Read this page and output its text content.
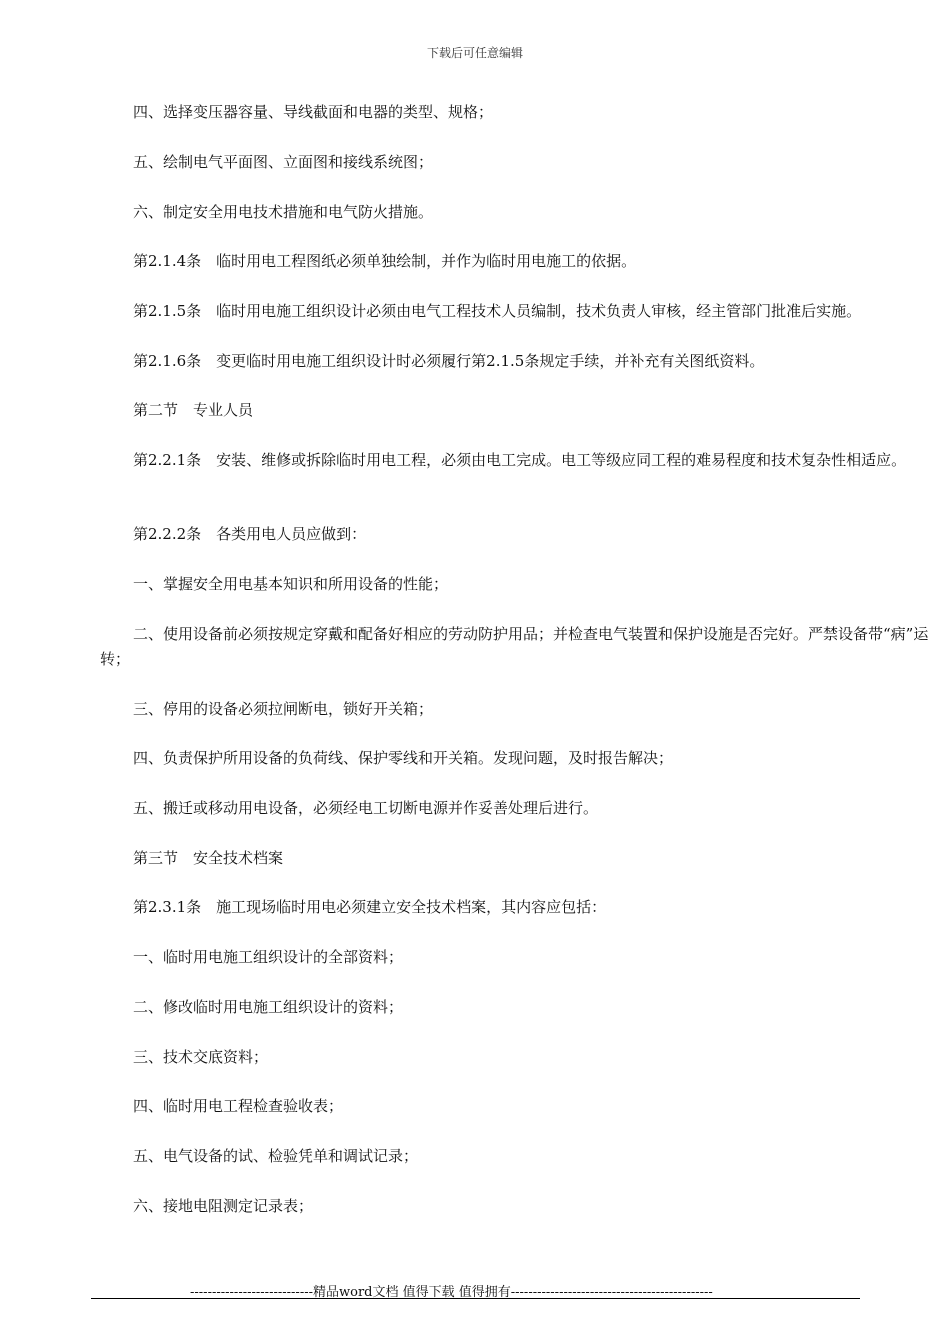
下载后可任意编辑
四、选择变压器容量、导线截面和电器的类型、规格；
五、绘制电气平面图、立面图和接线系统图；
六、制定安全用电技术措施和电气防火措施。
第2.1.4条　临时用电工程图纸必须单独绘制，并作为临时用电施工的依据。
第2.1.5条　临时用电施工组织设计必须由电气工程技术人员编制，技术负责人审核，经主管部门批准后实施。
第2.1.6条　变更临时用电施工组织设计时必须履行第2.1.5条规定手续，并补充有关图纸资料。
第二节　专业人员
第2.2.1条　安装、维修或拆除临时用电工程，必须由电工完成。电工等级应同工程的难易程度和技术复杂性相适应。
第2.2.2条　各类用电人员应做到：
一、掌握安全用电基本知识和所用设备的性能；
二、使用设备前必须按规定穿戴和配备好相应的劳动防护用品；并检查电气装置和保护设施是否完好。严禁设备带“病”运转；
三、停用的设备必须拉闸断电，锁好开关箱；
四、负责保护所用设备的负荷线、保护零线和开关箱。发现问题，及时报告解决；
五、搬迁或移动用电设备，必须经电工切断电源并作妥善处理后进行。
第三节　安全技术档案
第2.3.1条　施工现场临时用电必须建立安全技术档案，其内容应包括：
一、临时用电施工组织设计的全部资料；
二、修改临时用电施工组织设计的资料；
三、技术交底资料；
四、临时用电工程检查验收表；
五、电气设备的试、检验凭单和调试记录；
六、接地电阻测定记录表；
----------------------------精品word文档 值得下载 值得拥有----------------------------------------------
